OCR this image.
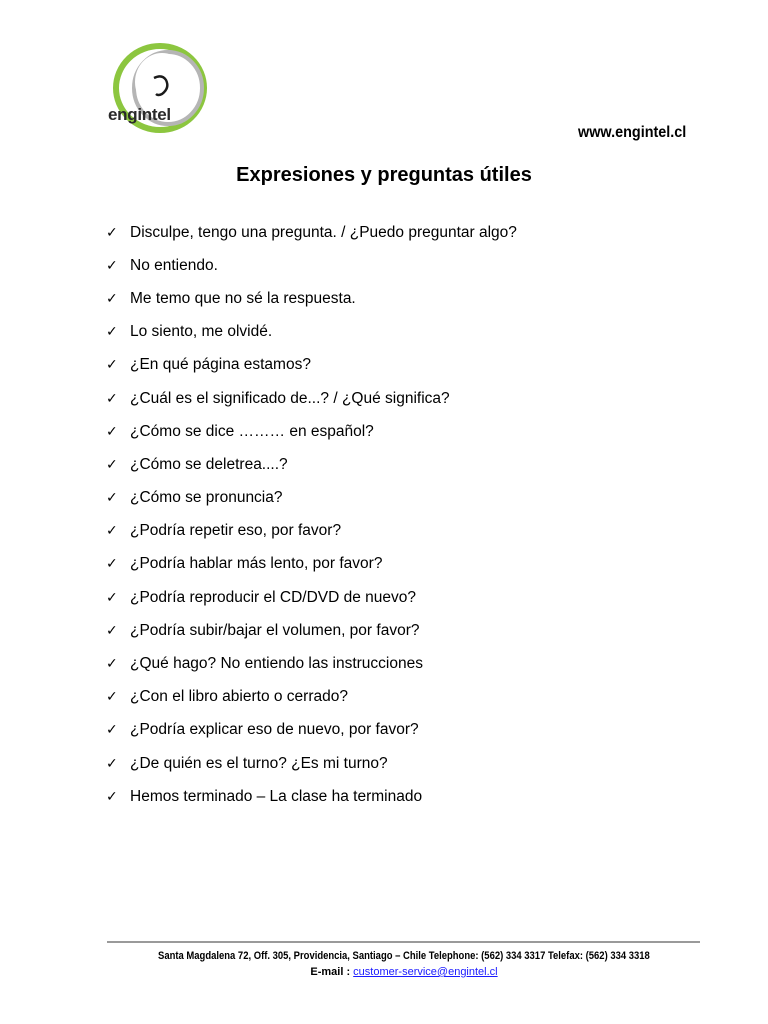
engintel
www.engintel.cl
Expresiones y preguntas útiles
✓ Disculpe, tengo una pregunta. / ¿Puedo preguntar algo?
✓ No entiendo.
✓ Me temo que no sé la respuesta.
✓ Lo siento, me olvidé.
✓ ¿En qué página estamos?
✓ ¿Cuál es el significado de...? / ¿Qué significa?
✓ ¿Cómo se dice ……… en español?
✓ ¿Cómo se deletrea....?
✓ ¿Cómo se pronuncia?
✓ ¿Podría repetir eso, por favor?
✓ ¿Podría hablar más lento, por favor?
✓ ¿Podría reproducir el CD/DVD de nuevo?
✓ ¿Podría subir/bajar el volumen, por favor?
✓ ¿Qué hago? No entiendo las instrucciones
✓ ¿Con el libro abierto o cerrado?
✓ ¿Podría explicar eso de nuevo, por favor?
✓ ¿De quién es el turno? ¿Es mi turno?
✓ Hemos terminado – La clase ha terminado
Santa Magdalena 72, Off. 305, Providencia, Santiago – Chile Telephone: (562) 334 3317 Telefax: (562) 334 3318
E-mail : customer-service@engintel.cl
